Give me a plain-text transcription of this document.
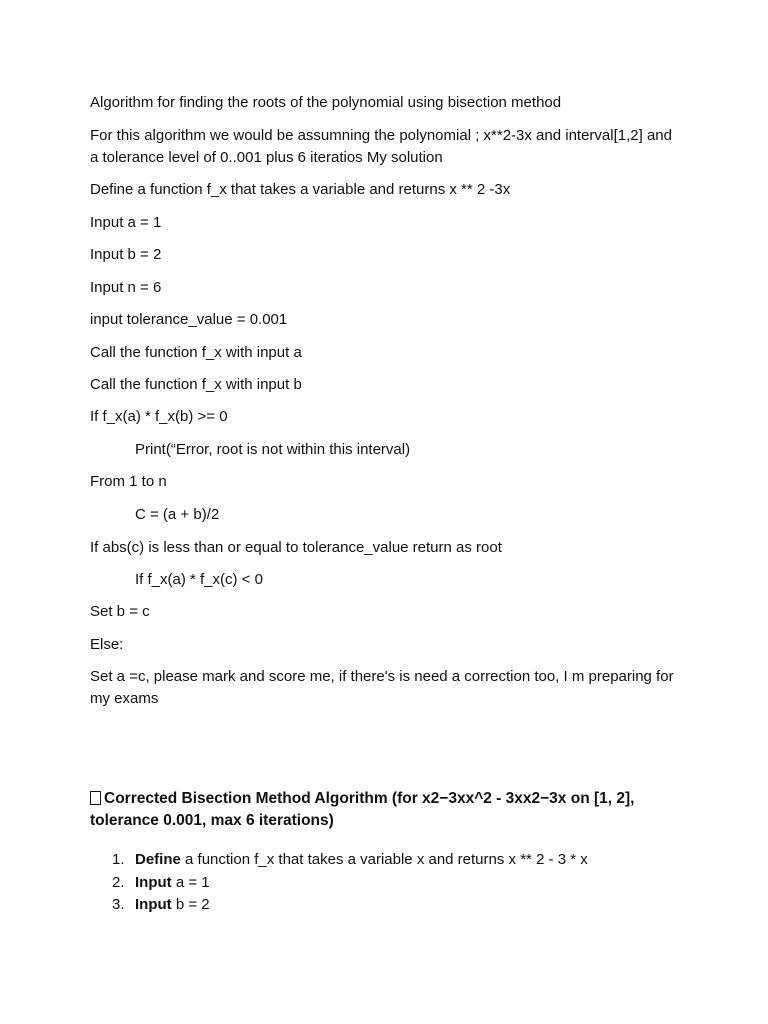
Algorithm for finding the roots of the polynomial using bisection method
For this algorithm we would be assumning the polynomial ; x**2-3x and interval[1,2] and a tolerance level of 0..001 plus 6 iteratios My solution
Define a function f_x that takes a variable and returns x ** 2 -3x
Input a = 1
Input b = 2
Input n = 6
input tolerance_value = 0.001
Call the function f_x with input a
Call the function f_x with input b
If f_x(a) * f_x(b) >= 0
Print(“Error, root is not within this interval)
From 1 to n
C = (a + b)/2
If abs(c) is less than or equal to tolerance_value return as root
If f_x(a) * f_x(c) < 0
Set b = c
Else:
Set a =c, please mark and score me, if there's is need a correction too, I m preparing for my exams
Corrected Bisection Method Algorithm (for x2−3xx^2 - 3xx2−3x on [1, 2], tolerance 0.001, max 6 iterations)
1. Define a function f_x that takes a variable x and returns x ** 2 - 3 * x
2. Input a = 1
3. Input b = 2
